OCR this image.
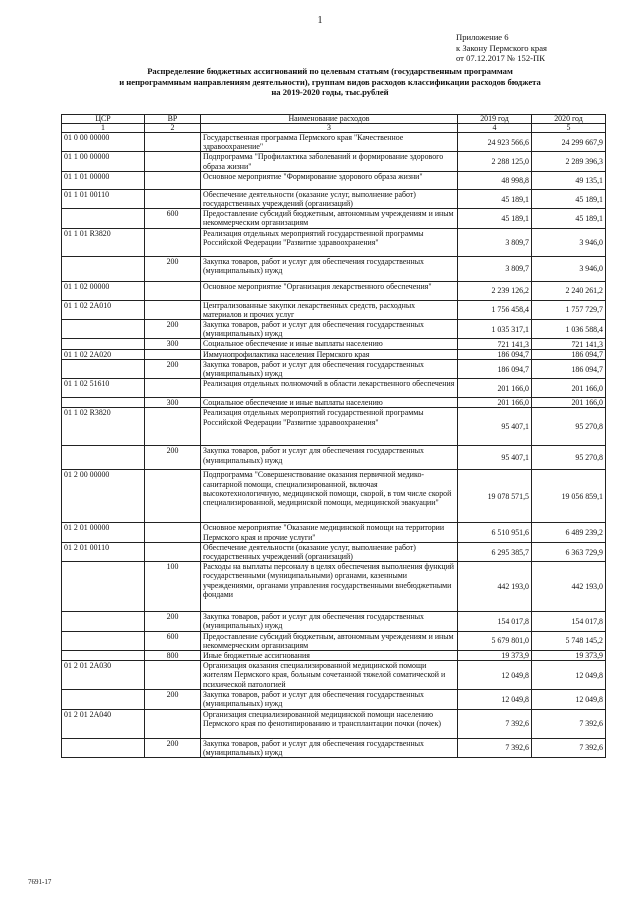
1
Приложение 6
к Закону Пермского края
от 07.12.2017 № 152-ПК
Распределение бюджетных ассигнований по целевым статьям (государственным программам
и непрограммным направлениям деятельности), группам видов расходов классификации расходов бюджета
на 2019-2020 годы, тыс.рублей
ЦСР	ВР	Наименование расходов	2019 год	2020 год
1	2	3	4	5
01 0 00 00000		Государственная программа Пермского края "Качественное здравоохранение"	24 923 566,6	24 299 667,9
01 1 00 00000		Подпрограмма "Профилактика заболеваний и формирование здорового образа жизни"	2 288 125,0	2 289 396,3
01 1 01 00000		Основное мероприятие "Формирование здорового образа жизни"	48 998,8	49 135,1
01 1 01 00110		Обеспечение деятельности (оказание услуг, выполнение работ) государственных учреждений (организаций)	45 189,1	45 189,1
	600	Предоставление субсидий бюджетным, автономным учреждениям и иным некоммерческим организациям	45 189,1	45 189,1
01 1 01 R3820		Реализация отдельных мероприятий государственной программы Российской Федерации "Развитие здравоохранения"	3 809,7	3 946,0
	200	Закупка товаров, работ и услуг для обеспечения государственных (муниципальных) нужд	3 809,7	3 946,0
01 1 02 00000		Основное мероприятие "Организация лекарственного обеспечения"	2 239 126,2	2 240 261,2
01 1 02 2A010		Централизованные закупки лекарственных средств, расходных материалов и прочих услуг	1 756 458,4	1 757 729,7
	200	Закупка товаров, работ и услуг для обеспечения государственных (муниципальных) нужд	1 035 317,1	1 036 588,4
	300	Социальное обеспечение и иные выплаты населению	721 141,3	721 141,3
01 1 02 2A020		Иммунопрофилактика населения Пермского края	186 094,7	186 094,7
	200	Закупка товаров, работ и услуг для обеспечения государственных (муниципальных) нужд	186 094,7	186 094,7
01 1 02 51610		Реализация отдельных полномочий в области лекарственного обеспечения	201 166,0	201 166,0
	300	Социальное обеспечение и иные выплаты населению	201 166,0	201 166,0
01 1 02 R3820		Реализация отдельных мероприятий государственной программы Российской Федерации "Развитие здравоохранения"	95 407,1	95 270,8
	200	Закупка товаров, работ и услуг для обеспечения государственных (муниципальных) нужд	95 407,1	95 270,8
01 2 00 00000		Подпрограмма "Совершенствование оказания первичной медико-санитарной помощи, специализированной, включая высокотехнологичную, медицинской помощи, скорой, в том числе скорой специализированной, медицинской помощи, медицинской эвакуации"	19 078 571,5	19 056 859,1
01 2 01 00000		Основное мероприятие "Оказание медицинской помощи на территории Пермского края и прочие услуги"	6 510 951,6	6 489 239,2
01 2 01 00110		Обеспечение деятельности (оказание услуг, выполнение работ) государственных учреждений (организаций)	6 295 385,7	6 363 729,9
	100	Расходы на выплаты персоналу в целях обеспечения выполнения функций государственными (муниципальными) органами, казенными учреждениями, органами управления государственными внебюджетными фондами	442 193,0	442 193,0
	200	Закупка товаров, работ и услуг для обеспечения государственных (муниципальных) нужд	154 017,8	154 017,8
	600	Предоставление субсидий бюджетным, автономным учреждениям и иным некоммерческим организациям	5 679 801,0	5 748 145,2
	800	Иные бюджетные ассигнования	19 373,9	19 373,9
01 2 01 2A030		Организация оказания специализированной медицинской помощи жителям Пермского края, больным сочетанной тяжелой соматической и психической патологией	12 049,8	12 049,8
	200	Закупка товаров, работ и услуг для обеспечения государственных (муниципальных) нужд	12 049,8	12 049,8
01 2 01 2A040		Организация специализированной медицинской помощи населению Пермского края по фенотипированию и трансплантации почки (почек)	7 392,6	7 392,6
	200	Закупка товаров, работ и услуг для обеспечения государственных (муниципальных) нужд	7 392,6	7 392,6
7691-17
